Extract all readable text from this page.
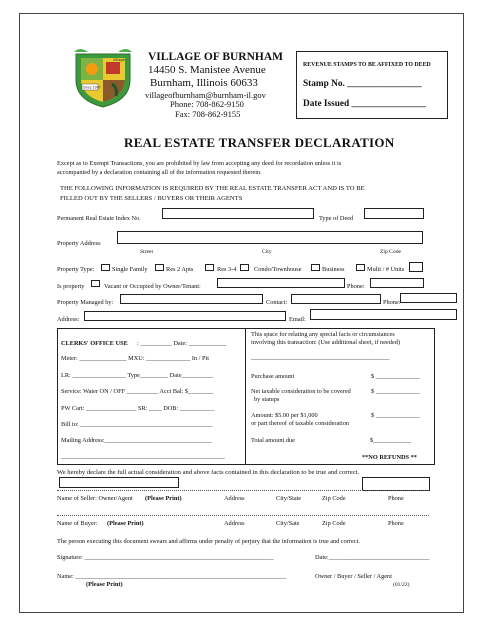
Village
Since 1907
VILLAGE OF BURNHAM
14450 S. Manistee Avenue
Burnham, Illinois 60633
villageofburnham@burnham-il.gov
Phone: 708-862-9150
Fax: 708-862-9155
REVENUE STAMPS TO BE AFFIXED TO DEED
Stamp No. ________________
Date Issued ________________
REAL ESTATE TRANSFER DECLARATION
Except as to Exempt Transactions, you are prohibited by law from accepting any deed for recordation unless it is
accompanied by a declaration containing all of the information requested therein.
THE FOLLOWING INFORMATION IS REQUIRED BY THE REAL ESTATE TRANSFER ACT AND IS TO BE
FILLED OUT BY THE SELLERS / BUYERS OR THEIR AGENTS
Permanent Real Estate Index No.	Type of Deed
Property Address
Street	City	Zip Code
Property Type:	Single Family	Res 2 Apts	Res 3-4	Condo/Townhouse	Business	Multi / # Units
Is property	Vacant or Occupied by Owner/Tenant:	Phone:
Property Managed by:	Contact:	Phone:
Address:	Email:
CLERKS' OFFICE USE : __________ Date: ____________
Meter: _______________ MXU: ______________ In / Pit
LR: _________________ Type_________ Date__________
Service: Water ON / OFF __________ Acct Bal: $________
PW Cart: ________________ SR: ____ DOB: ___________
Bill to: __________________________________________
Mailing Address:__________________________________
____________________________________________________
This space for relating any special facts or circumstances
involving this transaction: (Use additional sheet, if needed)
____________________________________________
Purchase amount	$ ______________
Net taxable consideration to be covered
by stamps
$ ______________
Amount: $5.00 per $1,000
or part thereof of taxable consideration
$ ______________
Total amount due	$____________
**NO REFUNDS **
We hereby declare the full actual consideration and above facts contained in this declaration to be true and correct.
Name of Seller: Owner/Agent (Please Print)	Address	City/State	Zip Code	Phone
Name of Buyer: (Please Print)	Address	City/Sate	Zip Code	Phone
The person executing this document swears and affirms under penalty of perjury that the information is true and correct.
Signature: ____________________________________________________________	Date:________________________________
Name: ___________________________________________________________________	Owner / Buyer / Seller / Agent
(Please Print)	(01/22)
